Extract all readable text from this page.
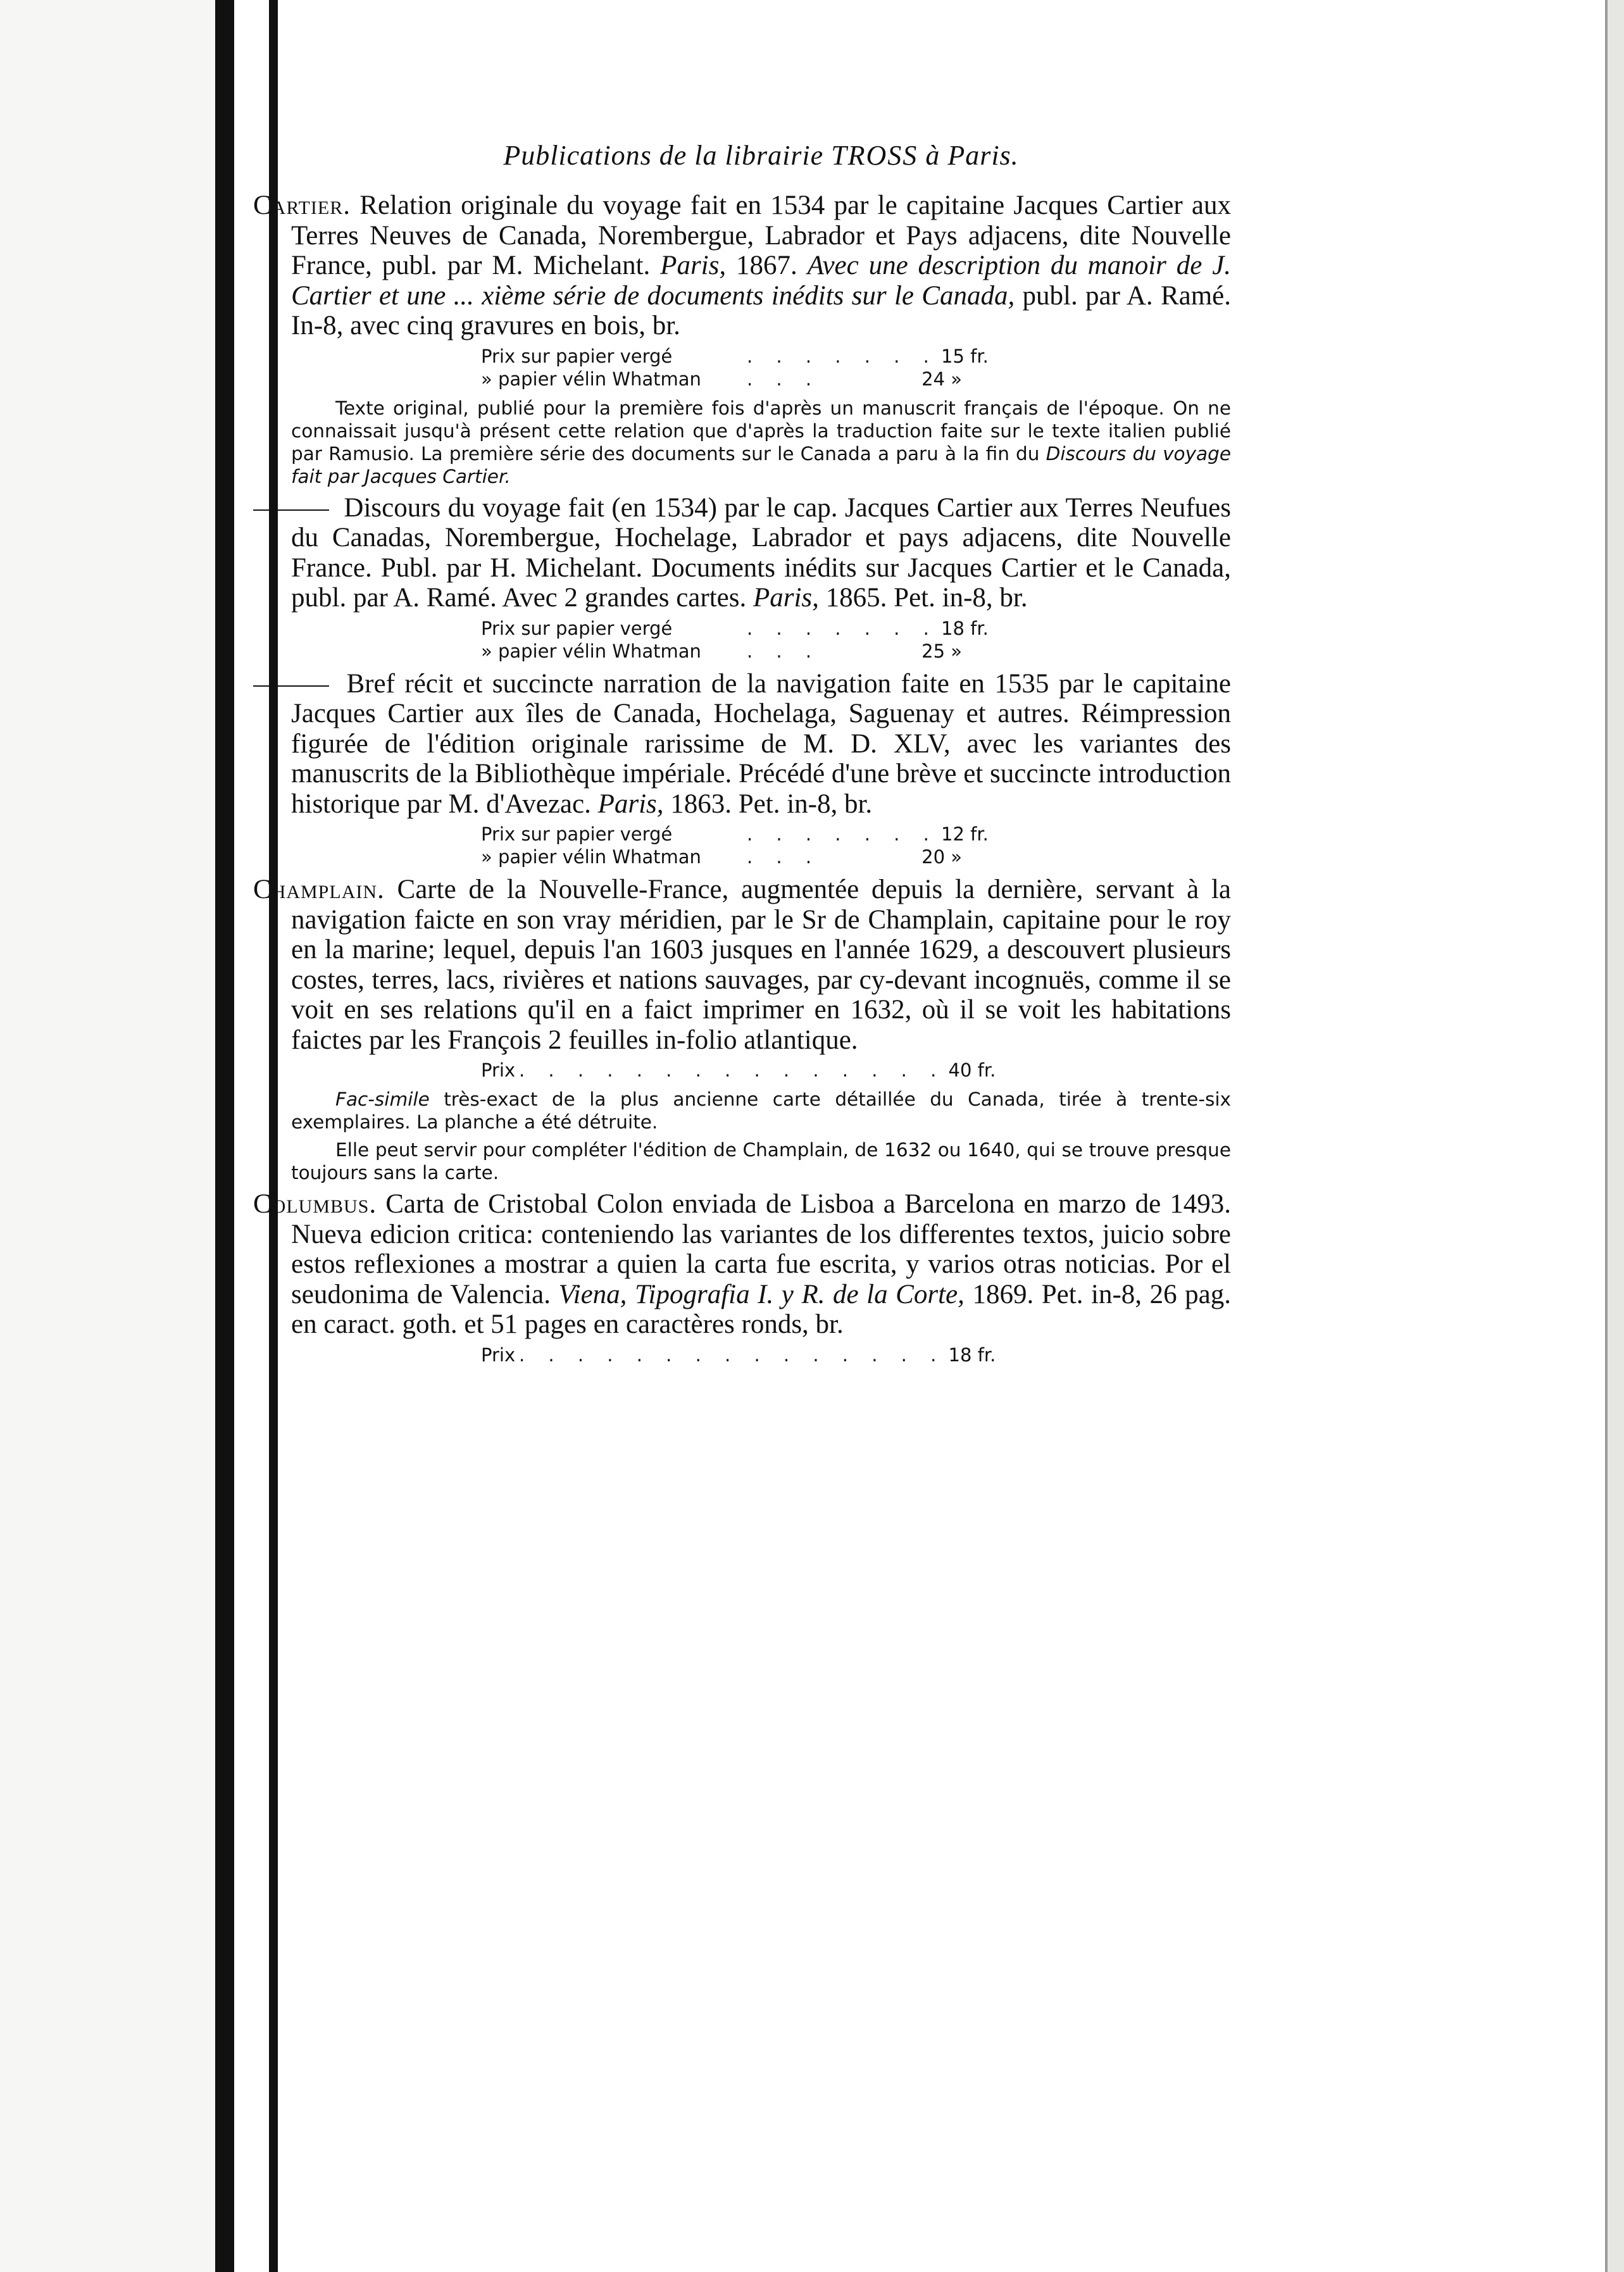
Publications de la librairie TROSS à Paris.

Cartier. Relation originale du voyage fait en 1534 par le capitaine Jacques Cartier aux Terres Neuves de Canada, Norembergue, Labrador et Pays adjacens, dite Nouvelle France, publ. par M. Michelant. Paris, 1867. Avec une description du manoir de J. Cartier et une ... xième série de documents inédits sur le Canada, publ. par A. Ramé. In-8, avec cinq gravures en bois, br.

Prix sur papier vergé	. . . . . . . 15 fr.
» papier vélin Whatman	. . .	24 »

Texte original, publié pour la première fois d'après un manuscrit français de l'époque. On ne connaissait jusqu'à présent cette relation que d'après la traduction faite sur le texte italien publié par Ramusio. La première série des documents sur le Canada a paru à la fin du Discours du voyage fait par Jacques Cartier.

Discours du voyage fait (en 1534) par le cap. Jacques Cartier aux Terres Neufues du Canadas, Norembergue, Hochelage, Labrador et pays adjacens, dite Nouvelle France. Publ. par H. Michelant. Documents inédits sur Jacques Cartier et le Canada, publ. par A. Ramé. Avec 2 grandes cartes. Paris, 1865. Pet. in-8, br.

Prix sur papier vergé	. . . . . . . 18 fr.
» papier vélin Whatman	. . .	25 »

Bref récit et succincte narration de la navigation faite en 1535 par le capitaine Jacques Cartier aux îles de Canada, Hochelaga, Saguenay et autres. Réimpression figurée de l'édition originale rarissime de M. D. XLV, avec les variantes des manuscrits de la Bibliothèque impériale. Précédé d'une brève et succincte introduction historique par M. d'Avezac. Paris, 1863. Pet. in-8, br.

Prix sur papier vergé	. . . . . . . 12 fr.
» papier vélin Whatman	. . .	20 »

Champlain. Carte de la Nouvelle-France, augmentée depuis la dernière, servant à la navigation faicte en son vray méridien, par le Sr de Champlain, capitaine pour le roy en la marine; lequel, depuis l'an 1603 jusques en l'année 1629, a descouvert plusieurs costes, terres, lacs, rivières et nations sauvages, par cy-devant incognuës, comme il se voit en ses relations qu'il en a faict imprimer en 1632, où il se voit les habitations faictes par les François 2 feuilles in-folio atlantique.

Prix . . . . . . . . . . . . . . . 40 fr.

Fac-simile très-exact de la plus ancienne carte détaillée du Canada, tirée à trente-six exemplaires. La planche a été détruite.

Elle peut servir pour compléter l'édition de Champlain, de 1632 ou 1640, qui se trouve presque toujours sans la carte.

Columbus. Carta de Cristobal Colon enviada de Lisboa a Barcelona en marzo de 1493. Nueva edicion critica: conteniendo las variantes de los differentes textos, juicio sobre estos reflexiones a mostrar a quien la carta fue escrita, y varios otras noticias. Por el seudonima de Valencia. Viena, Tipografia I. y R. de la Corte, 1869. Pet. in-8, 26 pag. en caract. goth. et 51 pages en caractères ronds, br.

Prix . . . . . . . . . . . . . . . 18 fr.
